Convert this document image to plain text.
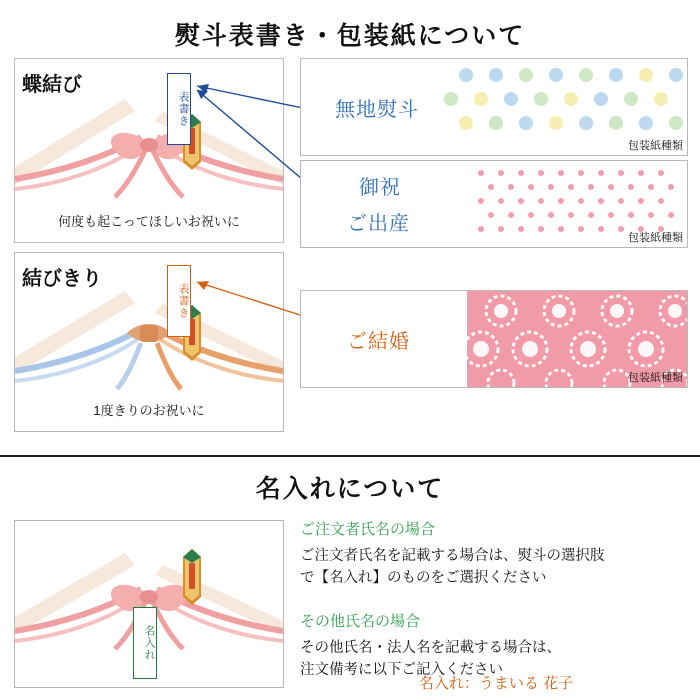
熨斗表書き・包装紙について
表書き
何度も起こってほしいお祝いに
蝶結び
表書き
1度きりのお祝いに
結びきり
無地熨斗
包装紙種類
御祝
ご出産
包装紙種類
ご結婚
包装紙種類
名入れについて
名入れ
ご注文者氏名の場合
ご注文者氏名を記載する場合は、熨斗の選択肢
で【名入れ】のものをご選択ください
その他氏名の場合
その他氏名・法人名を記載する場合は、
注文備考に以下ご記入ください
名入れ：うまいる 花子
